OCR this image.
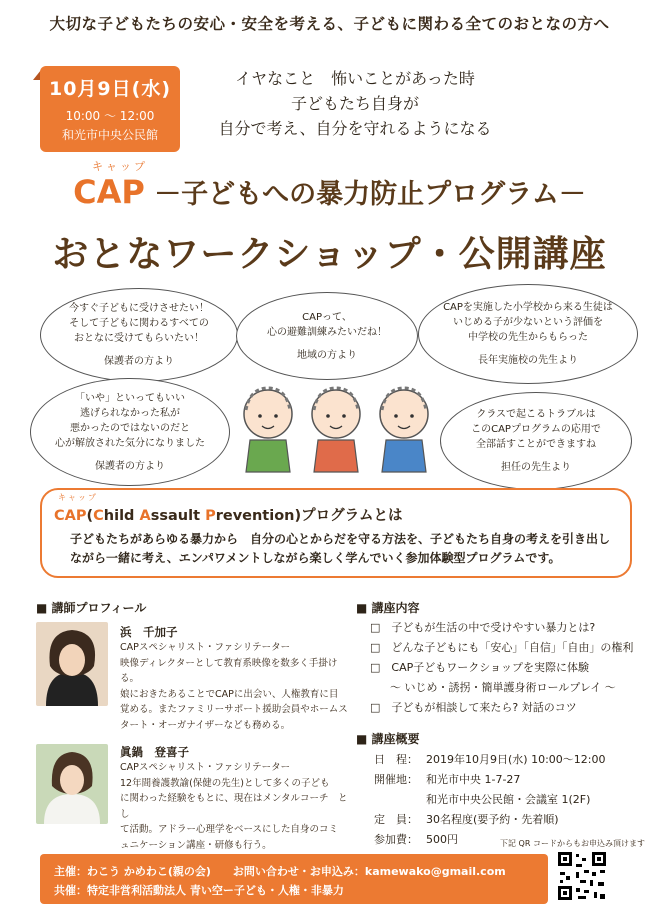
大切な子どもたちの安心・安全を考える、子どもに関わる全てのおとなの方へ
10月9日(水)
10:00 ～ 12:00
和光市中央公民館
イヤなこと　怖いことがあった時
子どもたち自身が
自分で考え、自分を守れるようになる
キャップ
CAP －子どもへの暴力防止プログラム－
おとなワークショップ・公開講座
今すぐ子どもに受けさせたい！
そして子どもに関わるすべての
おとなに受けてもらいたい！
保護者の方より
CAPって、
心の避難訓練みたいだね！
地域の方より
CAPを実施した小学校から来る生徒は
いじめる子が少ないという評価を
中学校の先生からもらった
長年実施校の先生より
「いや」といってもいい
逃げられなかった私が
悪かったのではないのだと
心が解放された気分になりました
保護者の方より
クラスで起こるトラブルは
このCAPプログラムの応用で
全部話すことができますね
担任の先生より
キャップ
CAP(Child Assault Prevention)プログラムとは
子どもたちがあらゆる暴力から　自分の心とからだを守る方法を、子どもたち自身の考えを引き出し
ながら一緒に考え、エンパワメントしながら楽しく学んでいく参加体験型プログラムです。
■ 講師プロフィール
浜　千加子
CAPスペシャリスト・ファシリテーター
映像ディレクターとして教育系映像を数多く手掛ける。
娘におきたあることでCAPに出会い、人権教育に目
覚める。またファミリーサポート援助会員やホームス
タート・オーガナイザーなども務める。
眞鍋　登喜子
CAPスペシャリスト・ファシリテーター
12年間養護教諭(保健の先生)として多くの子ども
に関わった経験をもとに、現在はメンタルコーチ　とし
て活動。アドラー心理学をベースにした自身のコミ
ュニケーション講座・研修も行う。
■ 講座内容
□　子どもが生活の中で受けやすい暴力とは?
□　どんな子どもにも「安心」「自信」「自由」の権利
□　CAP子どもワークショップを実際に体験
～ いじめ・誘拐・簡単護身術ロールプレイ ～
□　子どもが相談して来たら? 対話のコツ
■ 講座概要
日　程： 2019年10月9日(水) 10:00～12:00
開催地： 和光市中央 1-7-27
和光市中央公民館・会議室 1(2F)
定　員： 30名程度(要予約・先着順)
参加費： 500円	下記 QR コードからもお申込み頂けます
主催：わこう かめわこ(親の会)　　お問い合わせ・お申込み：kamewako@gmail.com
共催：特定非営利活動法人 青い空ー子ども・人権・非暴力
